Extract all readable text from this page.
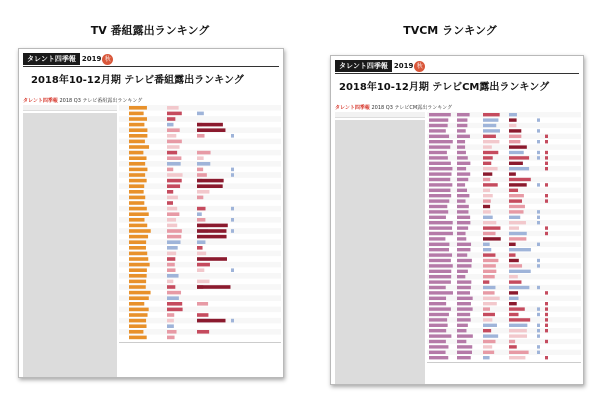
TV 番組露出ランキング	TVCM ランキング
タレント四季報 2019 秋
2018年10-12月期 テレビ番組露出ランキング
タレント四季報 2018 Q3 テレビ番組露出ランキング
タレント四季報 2019 秋
2018年10-12月期 テレビCM露出ランキング
タレント四季報 2018 Q3 テレビCM露出ランキング
